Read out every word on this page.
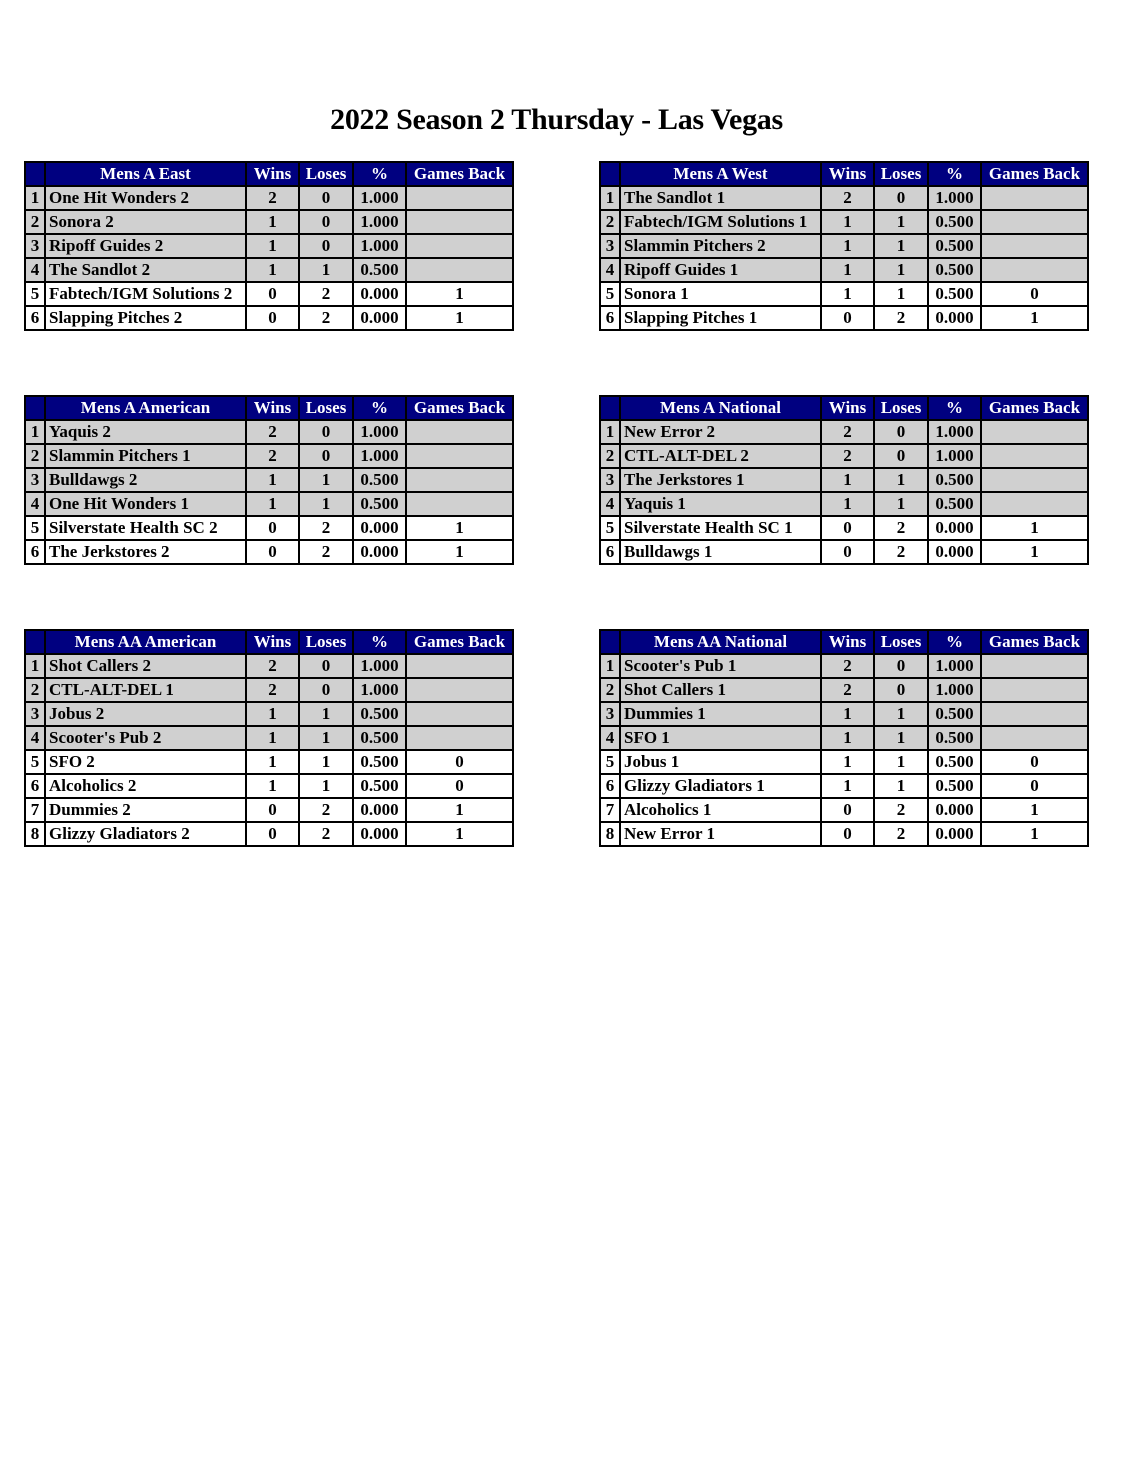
2022 Season 2 Thursday - Las Vegas
	Mens A East	Wins	Loses	%	Games Back
1	One Hit Wonders 2	2	0	1.000	
2	Sonora 2	1	0	1.000	
3	Ripoff Guides 2	1	0	1.000	
4	The Sandlot 2	1	1	0.500	
5	Fabtech/IGM Solutions 2	0	2	0.000	1
6	Slapping Pitches 2	0	2	0.000	1
	Mens A West	Wins	Loses	%	Games Back
1	The Sandlot 1	2	0	1.000	
2	Fabtech/IGM Solutions 1	1	1	0.500	
3	Slammin Pitchers 2	1	1	0.500	
4	Ripoff Guides 1	1	1	0.500	
5	Sonora 1	1	1	0.500	0
6	Slapping Pitches 1	0	2	0.000	1
	Mens A American	Wins	Loses	%	Games Back
1	Yaquis 2	2	0	1.000	
2	Slammin Pitchers 1	2	0	1.000	
3	Bulldawgs 2	1	1	0.500	
4	One Hit Wonders 1	1	1	0.500	
5	Silverstate Health SC 2	0	2	0.000	1
6	The Jerkstores 2	0	2	0.000	1
	Mens A National	Wins	Loses	%	Games Back
1	New Error 2	2	0	1.000	
2	CTL-ALT-DEL 2	2	0	1.000	
3	The Jerkstores 1	1	1	0.500	
4	Yaquis 1	1	1	0.500	
5	Silverstate Health SC 1	0	2	0.000	1
6	Bulldawgs 1	0	2	0.000	1
	Mens AA American	Wins	Loses	%	Games Back
1	Shot Callers 2	2	0	1.000	
2	CTL-ALT-DEL 1	2	0	1.000	
3	Jobus 2	1	1	0.500	
4	Scooter's Pub 2	1	1	0.500	
5	SFO 2	1	1	0.500	0
6	Alcoholics 2	1	1	0.500	0
7	Dummies 2	0	2	0.000	1
8	Glizzy Gladiators 2	0	2	0.000	1
	Mens AA National	Wins	Loses	%	Games Back
1	Scooter's Pub 1	2	0	1.000	
2	Shot Callers 1	2	0	1.000	
3	Dummies 1	1	1	0.500	
4	SFO 1	1	1	0.500	
5	Jobus 1	1	1	0.500	0
6	Glizzy Gladiators 1	1	1	0.500	0
7	Alcoholics 1	0	2	0.000	1
8	New Error 1	0	2	0.000	1
